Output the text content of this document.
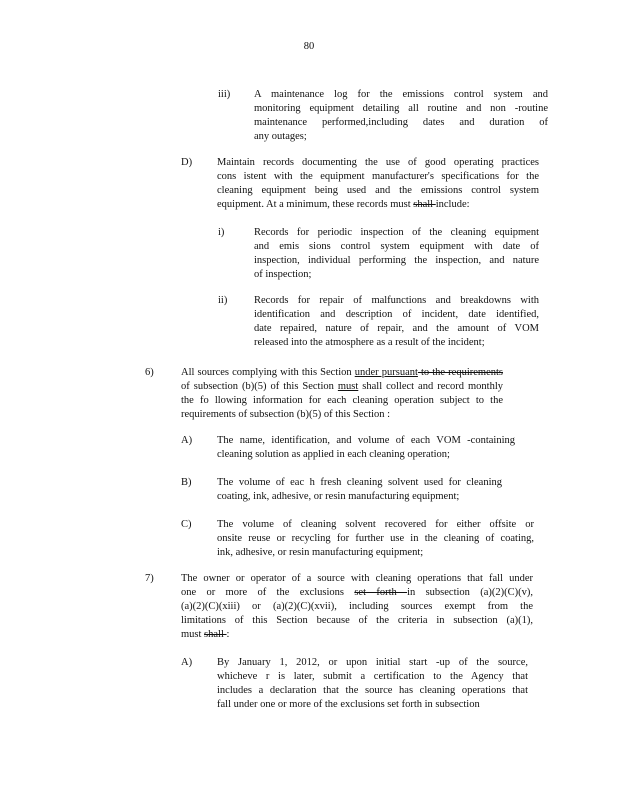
80
iii) A maintenance log for the emissions control system and
monitoring equipment detailing all routine and non -routine
maintenance performed,including dates and duration of
any outages;
D) Maintain records documenting the use of good operating practices
cons istent with the equipment manufacturer's specifications for the
cleaning equipment being used and the emissions control system
equipment. At a minimum, these records must shall include:
i)	Records for periodic inspection of the cleaning equipment
and emis sions control system equipment with date of
inspection, individual performing the inspection, and nature
of inspection;
ii)	Records for repair of malfunctions and breakdowns with
identification and description of incident, date identified,
date repaired, nature of repair, and the amount of VOM
released into the atmosphere as a result of the incident;
6)	All sources complying with this Section under pursuant to the requirements
of subsection (b)(5) of this Section must shall collect and record monthly
the fo llowing information for each cleaning operation subject to the
requirements of subsection (b)(5) of this Section :
A) The name, identification, and volume of each VOM -containing
cleaning solution as applied in each cleaning operation;
B) The volume of eac h fresh cleaning solvent used for cleaning
coating, ink, adhesive, or resin manufacturing equipment;
C) The volume of cleaning solvent recovered for either offsite or
onsite reuse or recycling for further use in the cleaning of coating,
ink, adhesive, or resin manufacturing equipment;
7)	The owner or operator of a source with cleaning operations that fall under
one or more of the exclusions set forth in subsection (a)(2)(C)(v),
(a)(2)(C)(xiii) or (a)(2)(C)(xvii), including sources exempt from the
limitations of this Section because of the criteria in subsection (a)(1),
must shall :
A) By January 1, 2012, or upon initial start -up of the source,
whicheve r is later, submit a certification to the Agency that
includes a declaration that the source has cleaning operations that
fall under one or more of the exclusions set forth in subsection
